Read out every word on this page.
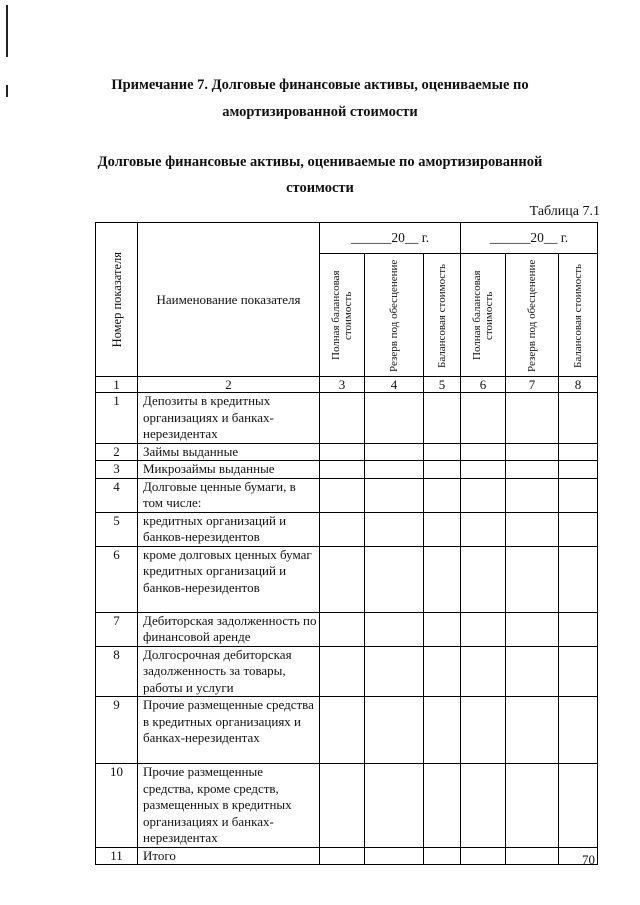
Примечание 7. Долговые финансовые активы, оцениваемые по
амортизированной стоимости
Долговые финансовые активы, оцениваемые по амортизированной
стоимости
Таблица 7.1
Номер показателя	Наименование показателя	______20__ г.			______20__ г.		

		Полная балансовая стоимость	Резерв под обесценение	Балансовая стоимость	Полная балансовая стоимость	Резерв под обесценение	Балансовая стоимость

1	2	3	4	5	6	7	8
1	Депозиты в кредитных организациях и банках-нерезидентах						
2	Займы выданные						
3	Микрозаймы выданные						
4	Долговые ценные бумаги, в том числе:						
5	кредитных организаций и банков-нерезидентов						
6	кроме долговых ценных бумаг кредитных организаций и банков-нерезидентов						
7	Дебиторская задолженность по финансовой аренде						
8	Долгосрочная дебиторская задолженность за товары, работы и услуги						
9	Прочие размещенные средства в кредитных организациях и банках-нерезидентах						
10	Прочие размещенные средства, кроме средств, размещенных в кредитных организациях и банках-нерезидентах						
11	Итого							70
